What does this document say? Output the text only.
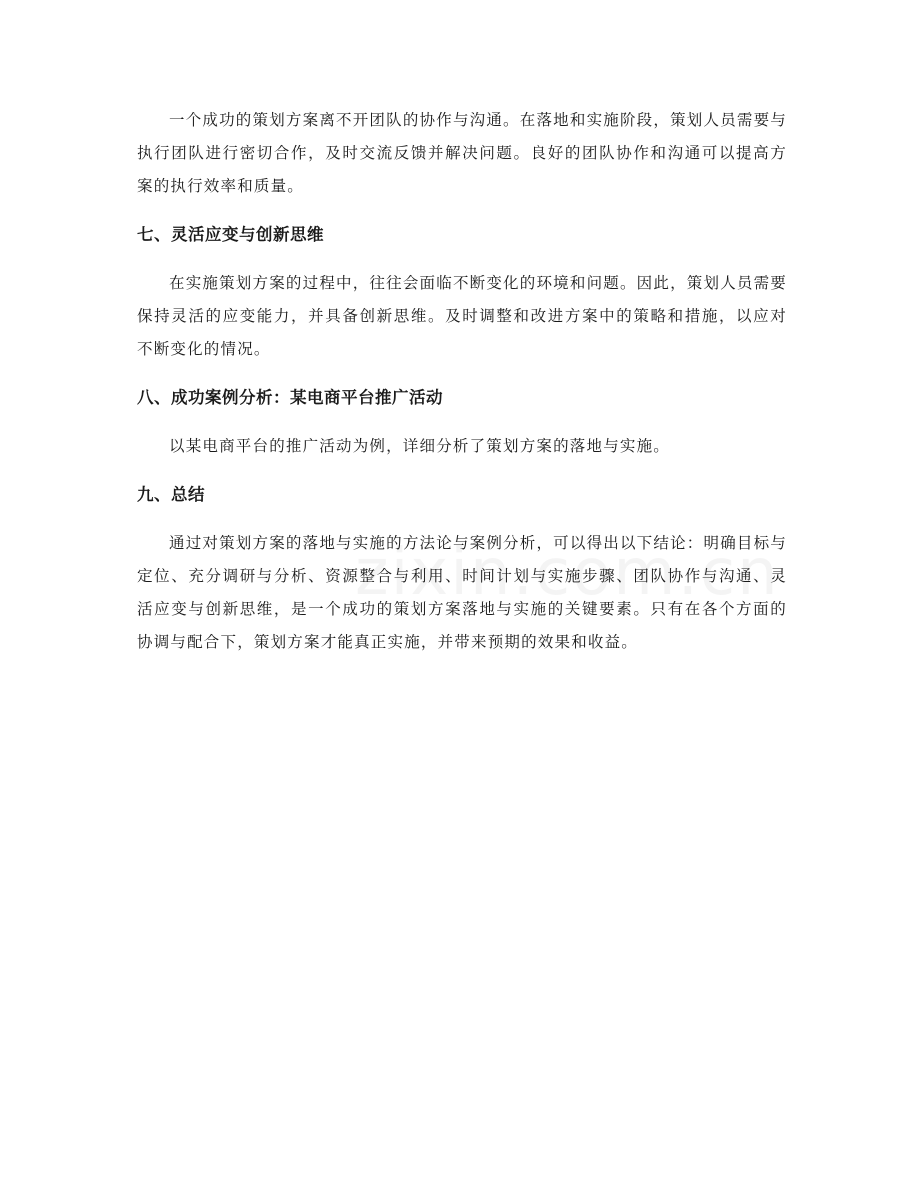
一个成功的策划方案离不开团队的协作与沟通。在落地和实施阶段，策划人员需要与执行团队进行密切合作，及时交流反馈并解决问题。良好的团队协作和沟通可以提高方案的执行效率和质量。

七、灵活应变与创新思维

在实施策划方案的过程中，往往会面临不断变化的环境和问题。因此，策划人员需要保持灵活的应变能力，并具备创新思维。及时调整和改进方案中的策略和措施，以应对不断变化的情况。

八、成功案例分析：某电商平台推广活动

以某电商平台的推广活动为例，详细分析了策划方案的落地与实施。

九、总结

通过对策划方案的落地与实施的方法论与案例分析，可以得出以下结论：明确目标与定位、充分调研与分析、资源整合与利用、时间计划与实施步骤、团队协作与沟通、灵活应变与创新思维，是一个成功的策划方案落地与实施的关键要素。只有在各个方面的协调与配合下，策划方案才能真正实施，并带来预期的效果和收益。
